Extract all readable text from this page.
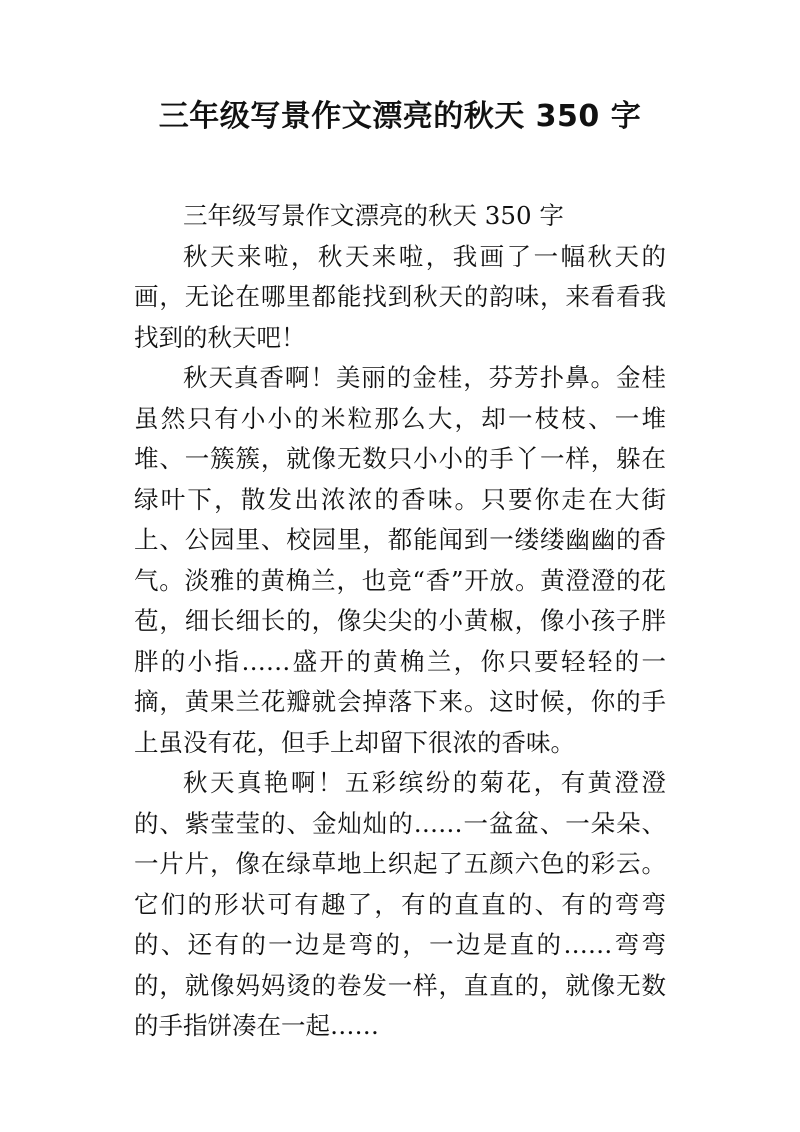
三年级写景作文漂亮的秋天 350 字

三年级写景作文漂亮的秋天 350 字

秋天来啦，秋天来啦，我画了一幅秋天的画，无论在哪里都能找到秋天的韵味，来看看我找到的秋天吧！

秋天真香啊！美丽的金桂，芬芳扑鼻。金桂虽然只有小小的米粒那么大，却一枝枝、一堆堆、一簇簇，就像无数只小小的手丫一样，躲在绿叶下，散发出浓浓的香味。只要你走在大街上、公园里、校园里，都能闻到一缕缕幽幽的香气。淡雅的黄桷兰，也竞“香”开放。黄澄澄的花苞，细长细长的，像尖尖的小黄椒，像小孩子胖胖的小指……盛开的黄桷兰，你只要轻轻的一摘，黄果兰花瓣就会掉落下来。这时候，你的手上虽没有花，但手上却留下很浓的香味。

秋天真艳啊！五彩缤纷的菊花，有黄澄澄的、紫莹莹的、金灿灿的……一盆盆、一朵朵、一片片，像在绿草地上织起了五颜六色的彩云。它们的形状可有趣了，有的直直的、有的弯弯的、还有的一边是弯的，一边是直的……弯弯的，就像妈妈烫的卷发一样，直直的，就像无数的手指饼凑在一起……
